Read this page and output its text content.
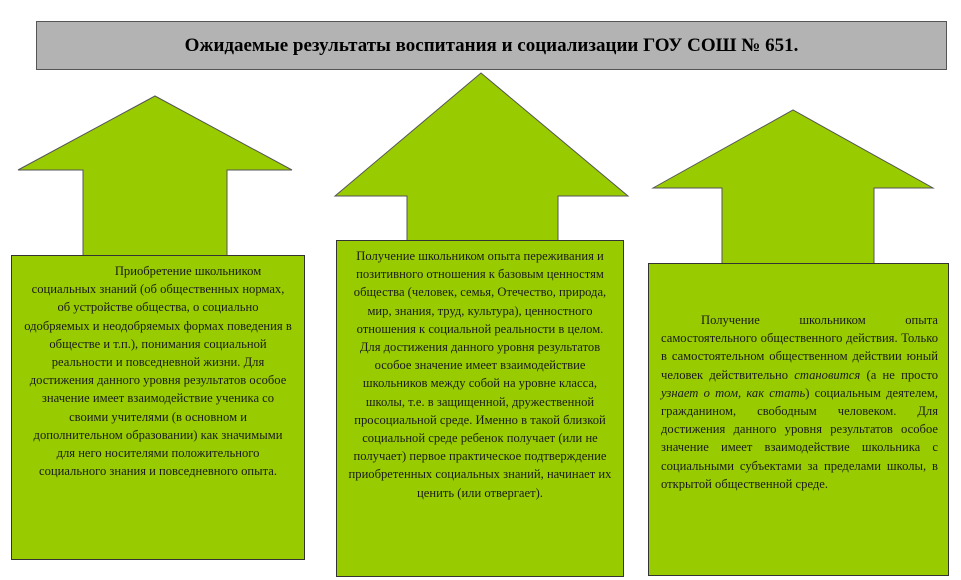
Ожидаемые результаты воспитания и социализации ГОУ СОШ № 651.

Приобретение школьником социальных знаний (об общественных нормах, об устройстве общества, о социально одобряемых и неодобряемых формах поведения в обществе и т.п.), понимания социальной реальности и повседневной жизни. Для достижения данного уровня результатов особое значение имеет взаимодействие ученика со своими учителями (в основном и дополнительном образовании) как значимыми для него носителями положительного социального знания и повседневного опыта.

Получение школьником опыта переживания и позитивного отношения к базовым ценностям общества (человек, семья, Отечество, природа, мир, знания, труд, культура), ценностного отношения к социальной реальности в целом. Для достижения данного уровня результатов особое значение имеет взаимодействие школьников между собой на уровне класса, школы, т.е. в защищенной, дружественной просоциальной среде. Именно в такой близкой социальной среде ребенок получает (или не получает) первое практическое подтверждение приобретенных социальных знаний, начинает их ценить (или отвергает).

Получение школьником опыта самостоятельного общественного действия. Только в самостоятельном общественном действии юный человек действительно становится (а не просто узнает о том, как стать) социальным деятелем, гражданином, свободным человеком. Для достижения данного уровня результатов особое значение имеет взаимодействие школьника с социальными субъектами за пределами школы, в открытой общественной среде.
